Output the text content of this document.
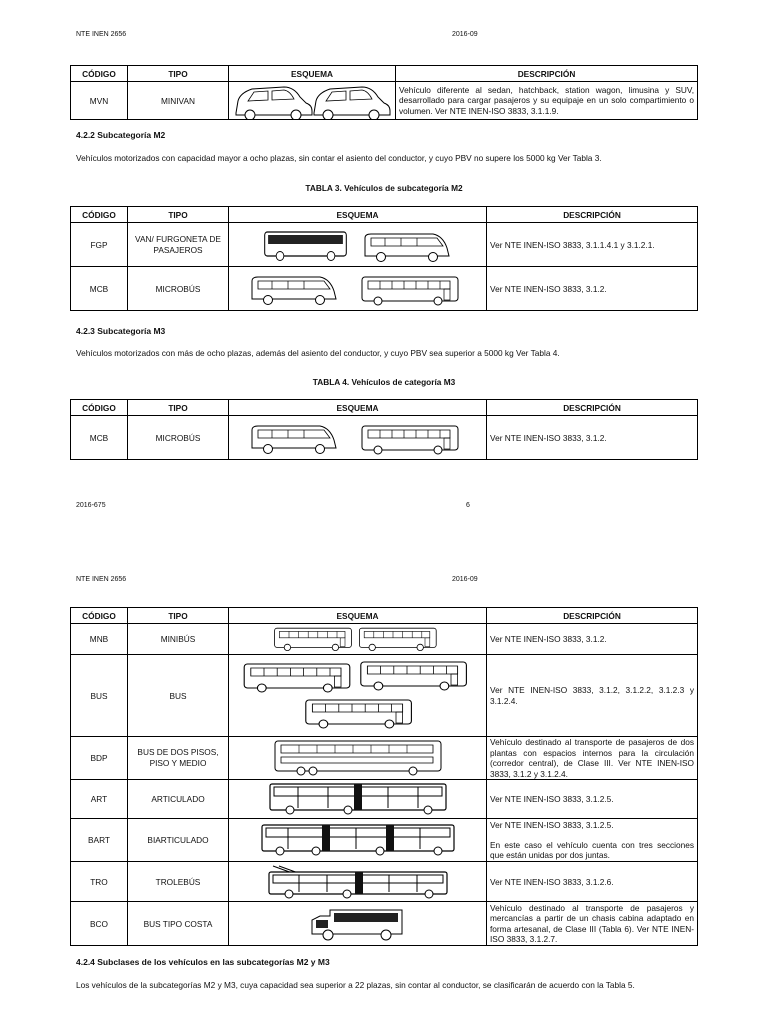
NTE INEN 2656	2016-09
CÓDIGO	TIPO	ESQUEMA	DESCRIPCIÓN
MVN	MINIVAN		Vehículo diferente al sedan, hatchback, station wagon, limusina y SUV, desarrollado para cargar pasajeros y su equipaje en un solo compartimiento o volumen. Ver NTE INEN-ISO 3833, 3.1.1.9.
4.2.2 Subcategoría M2
Vehículos motorizados con capacidad mayor a ocho plazas, sin contar el asiento del conductor, y cuyo PBV no supere los 5000 kg Ver Tabla 3.
TABLA 3. Vehículos de subcategoría M2
CÓDIGO	TIPO	ESQUEMA	DESCRIPCIÓN
FGP	VAN/ FURGONETA DE PASAJEROS		Ver NTE INEN-ISO 3833, 3.1.1.4.1 y 3.1.2.1.
MCB	MICROBÚS		Ver NTE INEN-ISO 3833, 3.1.2.
4.2.3 Subcategoría M3
Vehículos motorizados con más de ocho plazas, además del asiento del conductor, y cuyo PBV sea superior a 5000 kg Ver Tabla 4.
TABLA 4. Vehículos de categoría M3
CÓDIGO	TIPO	ESQUEMA	DESCRIPCIÓN
MCB	MICROBÚS		Ver NTE INEN-ISO 3833, 3.1.2.
2016-675	6
NTE INEN 2656	2016-09
CÓDIGO	TIPO	ESQUEMA	DESCRIPCIÓN
MNB	MINIBÚS		Ver NTE INEN-ISO 3833, 3.1.2.
BUS	BUS		Ver NTE INEN-ISO 3833, 3.1.2, 3.1.2.2, 3.1.2.3 y 3.1.2.4.
BDP	BUS DE DOS PISOS, PISO Y MEDIO		Vehículo destinado al transporte de pasajeros de dos plantas con espacios internos para la circulación (corredor central), de Clase III. Ver NTE INEN-ISO 3833, 3.1.2 y 3.1.2.4.
ART	ARTICULADO		Ver NTE INEN-ISO 3833, 3.1.2.5.
BART	BIARTICULADO		Ver NTE INEN-ISO 3833, 3.1.2.5.
En este caso el vehículo cuenta con tres secciones que están unidas por dos juntas.

TRO	TROLEBÚS		Ver NTE INEN-ISO 3833, 3.1.2.6.
BCO	BUS TIPO COSTA		Vehículo destinado al transporte de pasajeros y mercancías a partir de un chasis cabina adaptado en forma artesanal, de Clase III (Tabla 6). Ver NTE INEN-ISO 3833, 3.1.2.7.
4.2.4 Subclases de los vehículos en las subcategorías M2 y M3
Los vehículos de la subcategorías M2 y M3, cuya capacidad sea superior a 22 plazas, sin contar al conductor, se clasificarán de acuerdo con la Tabla 5.
